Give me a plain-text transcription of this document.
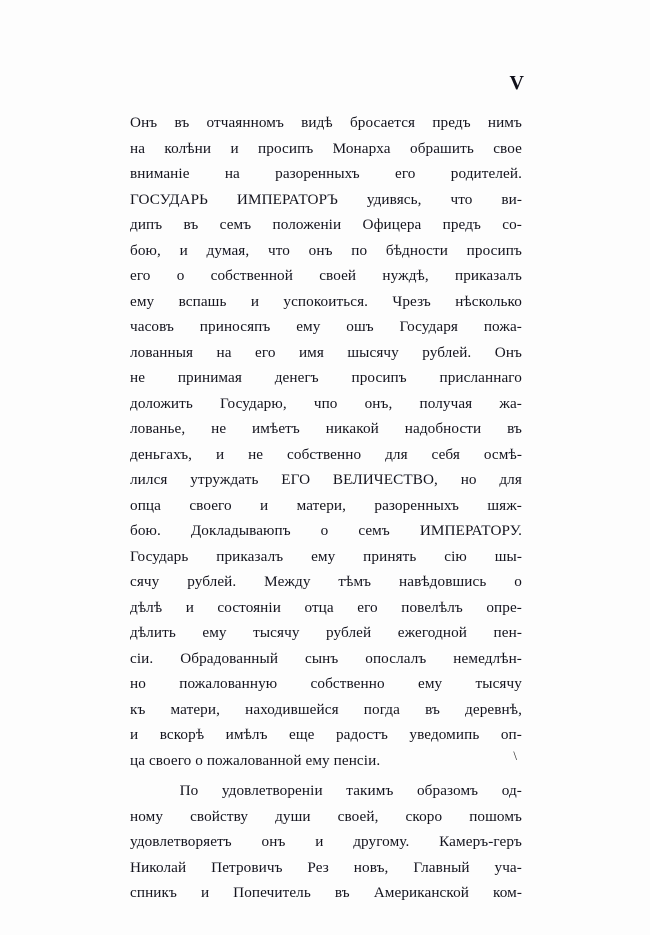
V
Онъ въ отчаянномъ видѣ бросается предъ нимъ
на колѣни и просипъ Монарха обрашить свое
вниманіе на разоренныхъ его родителей.
ГОСУДАРЬ ИМПЕРАТОРЪ удивясь, что ви-
дипъ въ семъ положеніи Офицера предъ со-
бою, и думая, что онъ по бѣдности просипъ
его о собственной своей нуждѣ, приказалъ
ему вспашь и успокоиться. Чрезъ нѣсколько
часовъ приносяпъ ему ошъ Государя пожа-
лованныя на его имя шысячу рублей. Онъ
не принимая денегъ просипъ присланнаго
доложить Государю, чпо онъ, получая жа-
лованье, не имѣетъ никакой надобности въ
деньгахъ, и не собственно для себя осмѣ-
лился утруждать ЕГО ВЕЛИЧЕСТВО, но для
опца своего и матери, разоренныхъ шяж-
бою. Докладываюпъ о семъ ИМПЕРАТОРУ.
Государь приказалъ ему принять сію шы-
сячу рублей. Между тѣмъ навѣдовшись о
дѣлѣ и состояніи отца его повелѣлъ опре-
дѣлить ему тысячу рублей ежегодной пен-
сіи. Обрадованный сынъ опослалъ немедлѣн-
но пожалованную собственно ему тысячу
къ матери, находившейся погда въ деревнѣ,
и вскорѣ имѣлъ еще радостъ уведомипь оп-
ца своего о пожалованной ему пенсіи.
По удовлетвореніи такимъ образомъ од-
ному свойству души своей, скоро пошомъ
удовлетворяетъ онъ и другому. Камеръ-геръ
Николай Петровичъ Рез новъ, Главный уча-
спникъ и Попечитель въ Американской ком-
\
